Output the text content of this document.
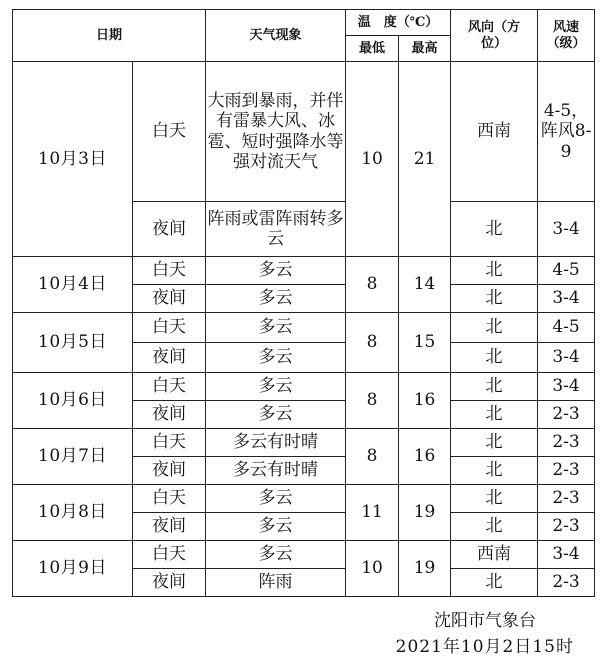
日期		天气现象	温　度（℃）		风向（方位）	风速（级）
			最低	最高		
10月3日	白天	大雨到暴雨，并伴有雷暴大风、冰雹、短时强降水等强对流天气	10	21	西南	4-5，阵风8-9
	夜间	阵雨或雷阵雨转多云			北	3-4
10月4日	白天	多云	8	14	北	4-5
	夜间	多云			北	3-4
10月5日	白天	多云	8	15	北	4-5
	夜间	多云			北	3-4
10月6日	白天	多云	8	16	北	3-4
	夜间	多云			北	2-3
10月7日	白天	多云有时晴	8	16	北	2-3
	夜间	多云有时晴			北	2-3
10月8日	白天	多云	11	19	北	2-3
	夜间	多云			北	2-3
10月9日	白天	多云	10	19	西南	3-4
	夜间	阵雨			北	2-3
沈阳市气象台
2021年10月2日15时
